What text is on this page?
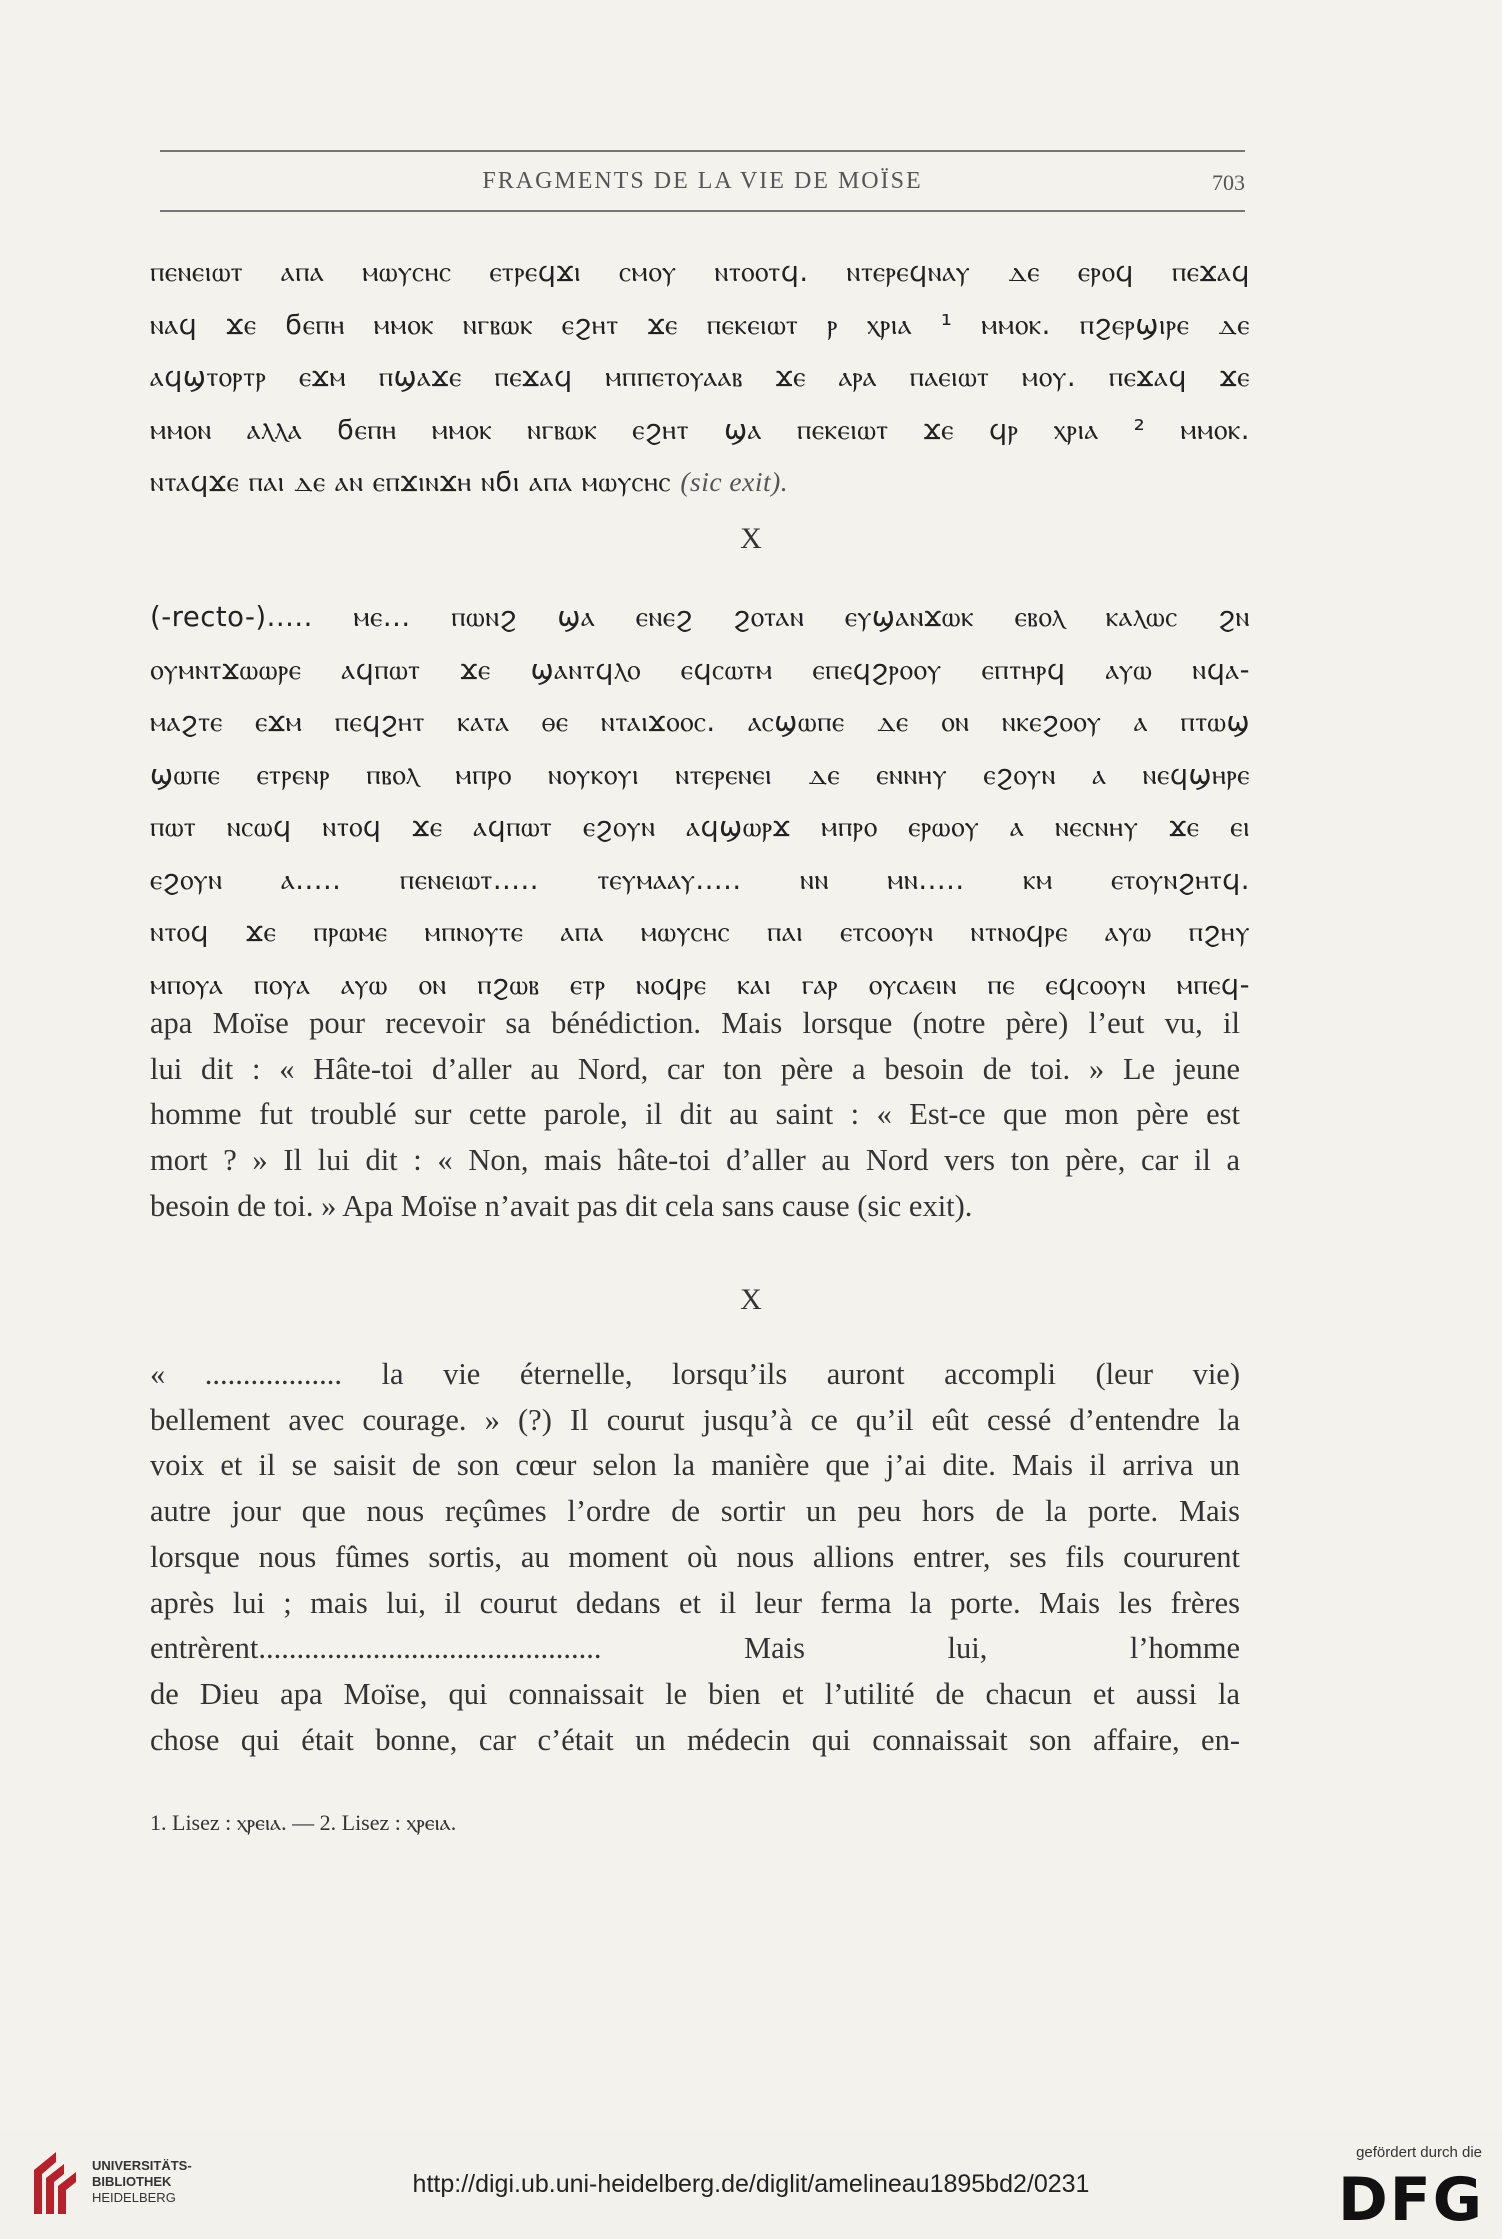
FRAGMENTS DE LA VIE DE MOÏSE	703
ⲡⲉⲛⲉⲓⲱⲧ ⲁⲡⲁ ⲙⲱⲩⲥⲏⲥ ⲉⲧⲣⲉϥϫⲓ ⲥⲙⲟⲩ ⲛⲧⲟⲟⲧϥ. ⲛⲧⲉⲣⲉϥⲛⲁⲩ ⲇⲉ ⲉⲣⲟϥ ⲡⲉϫⲁϥ
ⲛⲁϥ ϫⲉ ϭⲉⲡⲏ ⲙⲙⲟⲕ ⲛⲅⲃⲱⲕ ⲉϩⲏⲧ ϫⲉ ⲡⲉⲕⲉⲓⲱⲧ ⲣ ⲭⲣⲓⲁ ¹ ⲙⲙⲟⲕ. ⲡϩⲉⲣϣⲓⲣⲉ ⲇⲉ
ⲁϥϣⲧⲟⲣⲧⲣ ⲉϫⲙ ⲡϣⲁϫⲉ ⲡⲉϫⲁϥ ⲙⲡⲡⲉⲧⲟⲩⲁⲁⲃ ϫⲉ ⲁⲣⲁ ⲡⲁⲉⲓⲱⲧ ⲙⲟⲩ. ⲡⲉϫⲁϥ ϫⲉ
ⲙⲙⲟⲛ ⲁⲗⲗⲁ ϭⲉⲡⲏ ⲙⲙⲟⲕ ⲛⲅⲃⲱⲕ ⲉϩⲏⲧ ϣⲁ ⲡⲉⲕⲉⲓⲱⲧ ϫⲉ ϥⲣ ⲭⲣⲓⲁ ² ⲙⲙⲟⲕ.
ⲛⲧⲁϥϫⲉ ⲡⲁⲓ ⲇⲉ ⲁⲛ ⲉⲡϫⲓⲛϫⲏ ⲛϭⲓ ⲁⲡⲁ ⲙⲱⲩⲥⲏⲥ (sic exit).
X
(-recto-)..... ⲙⲉ... ⲡⲱⲛϩ ϣⲁ ⲉⲛⲉϩ ϩⲟⲧⲁⲛ ⲉⲩϣⲁⲛϫⲱⲕ ⲉⲃⲟⲗ ⲕⲁⲗⲱⲥ ϩⲛ
ⲟⲩⲙⲛⲧϫⲱⲱⲣⲉ ⲁϥⲡⲱⲧ ϫⲉ ϣⲁⲛⲧϥⲗⲟ ⲉϥⲥⲱⲧⲙ ⲉⲡⲉϥϩⲣⲟⲟⲩ ⲉⲡⲧⲏⲣϥ ⲁⲩⲱ ⲛϥⲁ-
ⲙⲁϩⲧⲉ ⲉϫⲙ ⲡⲉϥϩⲏⲧ ⲕⲁⲧⲁ ⲑⲉ ⲛⲧⲁⲓϫⲟⲟⲥ. ⲁⲥϣⲱⲡⲉ ⲇⲉ ⲟⲛ ⲛⲕⲉϩⲟⲟⲩ ⲁ ⲡⲧⲱϣ
ϣⲱⲡⲉ ⲉⲧⲣⲉⲛⲣ ⲡⲃⲟⲗ ⲙⲡⲣⲟ ⲛⲟⲩⲕⲟⲩⲓ ⲛⲧⲉⲣⲉⲛⲉⲓ ⲇⲉ ⲉⲛⲛⲏⲩ ⲉϩⲟⲩⲛ ⲁ ⲛⲉϥϣⲏⲣⲉ
ⲡⲱⲧ ⲛⲥⲱϥ ⲛⲧⲟϥ ϫⲉ ⲁϥⲡⲱⲧ ⲉϩⲟⲩⲛ ⲁϥϣⲱⲣϫ ⲙⲡⲣⲟ ⲉⲣⲱⲟⲩ ⲁ ⲛⲉⲥⲛⲏⲩ ϫⲉ ⲉⲓ
ⲉϩⲟⲩⲛ ⲁ..... ⲡⲉⲛⲉⲓⲱⲧ..... ⲧⲉⲩⲙⲁⲁⲩ..... ⲛⲛ ⲙⲛ..... ⲕⲙ ⲉⲧⲟⲩⲛϩⲏⲧϥ.
ⲛⲧⲟϥ ϫⲉ ⲡⲣⲱⲙⲉ ⲙⲡⲛⲟⲩⲧⲉ ⲁⲡⲁ ⲙⲱⲩⲥⲏⲥ ⲡⲁⲓ ⲉⲧⲥⲟⲟⲩⲛ ⲛⲧⲛⲟϥⲣⲉ ⲁⲩⲱ ⲡϩⲏⲩ
ⲙⲡⲟⲩⲁ ⲡⲟⲩⲁ ⲁⲩⲱ ⲟⲛ ⲡϩⲱⲃ ⲉⲧⲣ ⲛⲟϥⲣⲉ ⲕⲁⲓ ⲅⲁⲣ ⲟⲩⲥⲁⲉⲓⲛ ⲡⲉ ⲉϥⲥⲟⲟⲩⲛ ⲙⲡⲉϥ-
apa Moïse pour recevoir sa bénédiction. Mais lorsque (notre père) l’eut vu, il
lui dit : « Hâte-toi d’aller au Nord, car ton père a besoin de toi. » Le jeune
homme fut troublé sur cette parole, il dit au saint : « Est-ce que mon père est
mort ? » Il lui dit : « Non, mais hâte-toi d’aller au Nord vers ton père, car il a
besoin de toi. » Apa Moïse n’avait pas dit cela sans cause (sic exit).
X
« .................. la vie éternelle, lorsqu’ils auront accompli (leur vie)
bellement avec courage. » (?) Il courut jusqu’à ce qu’il eût cessé d’entendre la
voix et il se saisit de son cœur selon la manière que j’ai dite. Mais il arriva un
autre jour que nous reçûmes l’ordre de sortir un peu hors de la porte. Mais
lorsque nous fûmes sortis, au moment où nous allions entrer, ses fils coururent
après lui ; mais lui, il courut dedans et il leur ferma la porte. Mais les frères
entrèrent............................................. Mais lui, l’homme
de Dieu apa Moïse, qui connaissait le bien et l’utilité de chacun et aussi la
chose qui était bonne, car c’était un médecin qui connaissait son affaire, en-
1. Lisez : ⲭⲣⲉⲓⲁ. — 2. Lisez : ⲭⲣⲉⲓⲁ.
UNIVERSITÄTS-
BIBLIOTHEK
HEIDELBERG	http://digi.ub.uni-heidelberg.de/diglit/amelineau1895bd2/0231
gefördert durch die
DFG
